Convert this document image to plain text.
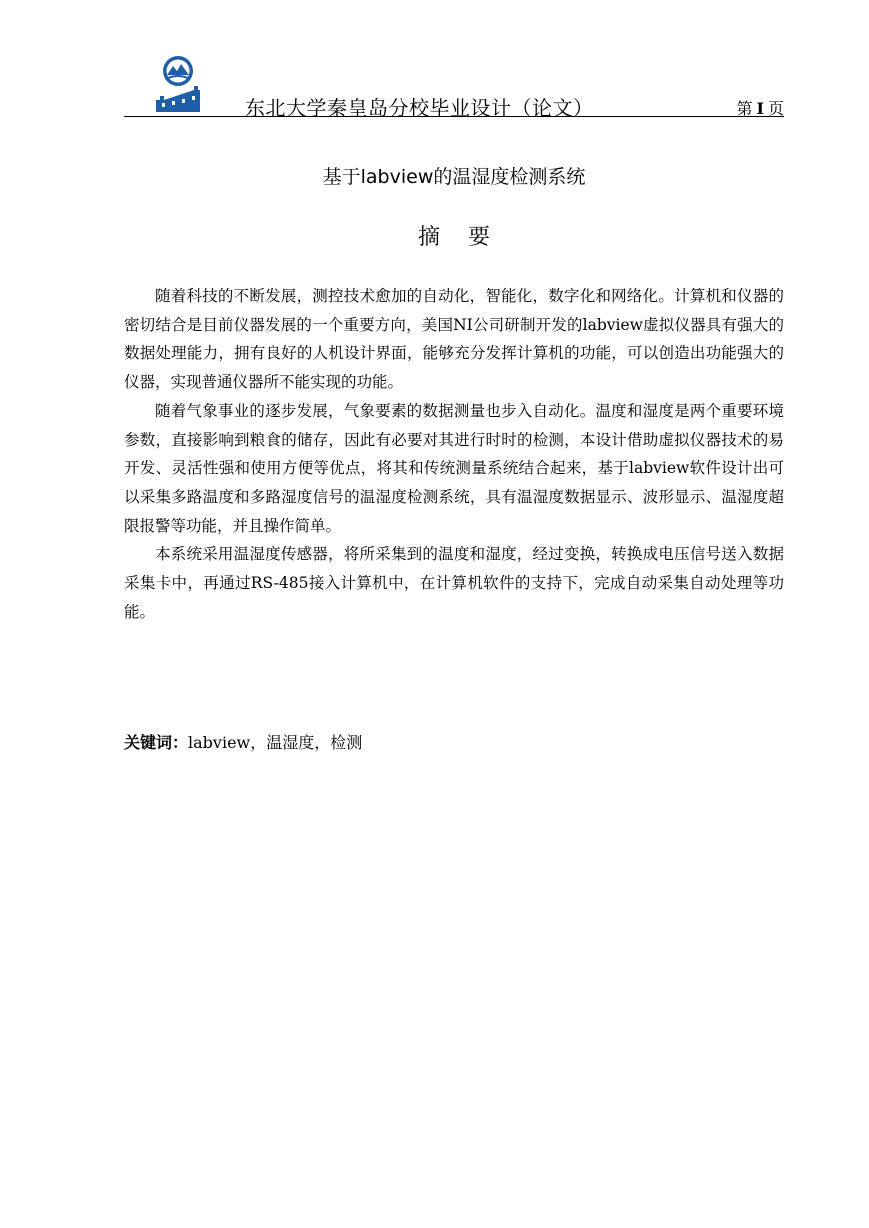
东北大学秦皇岛分校毕业设计（论文）	第 I 页
基于labview的温湿度检测系统
摘    要

随着科技的不断发展，测控技术愈加的自动化，智能化，数字化和网络化。计算机和仪器的密切结合是目前仪器发展的一个重要方向，美国NI公司研制开发的labview虚拟仪器具有强大的数据处理能力，拥有良好的人机设计界面，能够充分发挥计算机的功能，可以创造出功能强大的仪器，实现普通仪器所不能实现的功能。

随着气象事业的逐步发展，气象要素的数据测量也步入自动化。温度和湿度是两个重要环境参数，直接影响到粮食的储存，因此有必要对其进行时时的检测，本设计借助虚拟仪器技术的易开发、灵活性强和使用方便等优点，将其和传统测量系统结合起来，基于labview软件设计出可以采集多路温度和多路湿度信号的温湿度检测系统，具有温湿度数据显示、波形显示、温湿度超限报警等功能，并且操作简单。

本系统采用温湿度传感器，将所采集到的温度和湿度，经过变换，转换成电压信号送入数据采集卡中，再通过RS-485接入计算机中，在计算机软件的支持下，完成自动采集自动处理等功能。

关键词：labview，温湿度，检测
